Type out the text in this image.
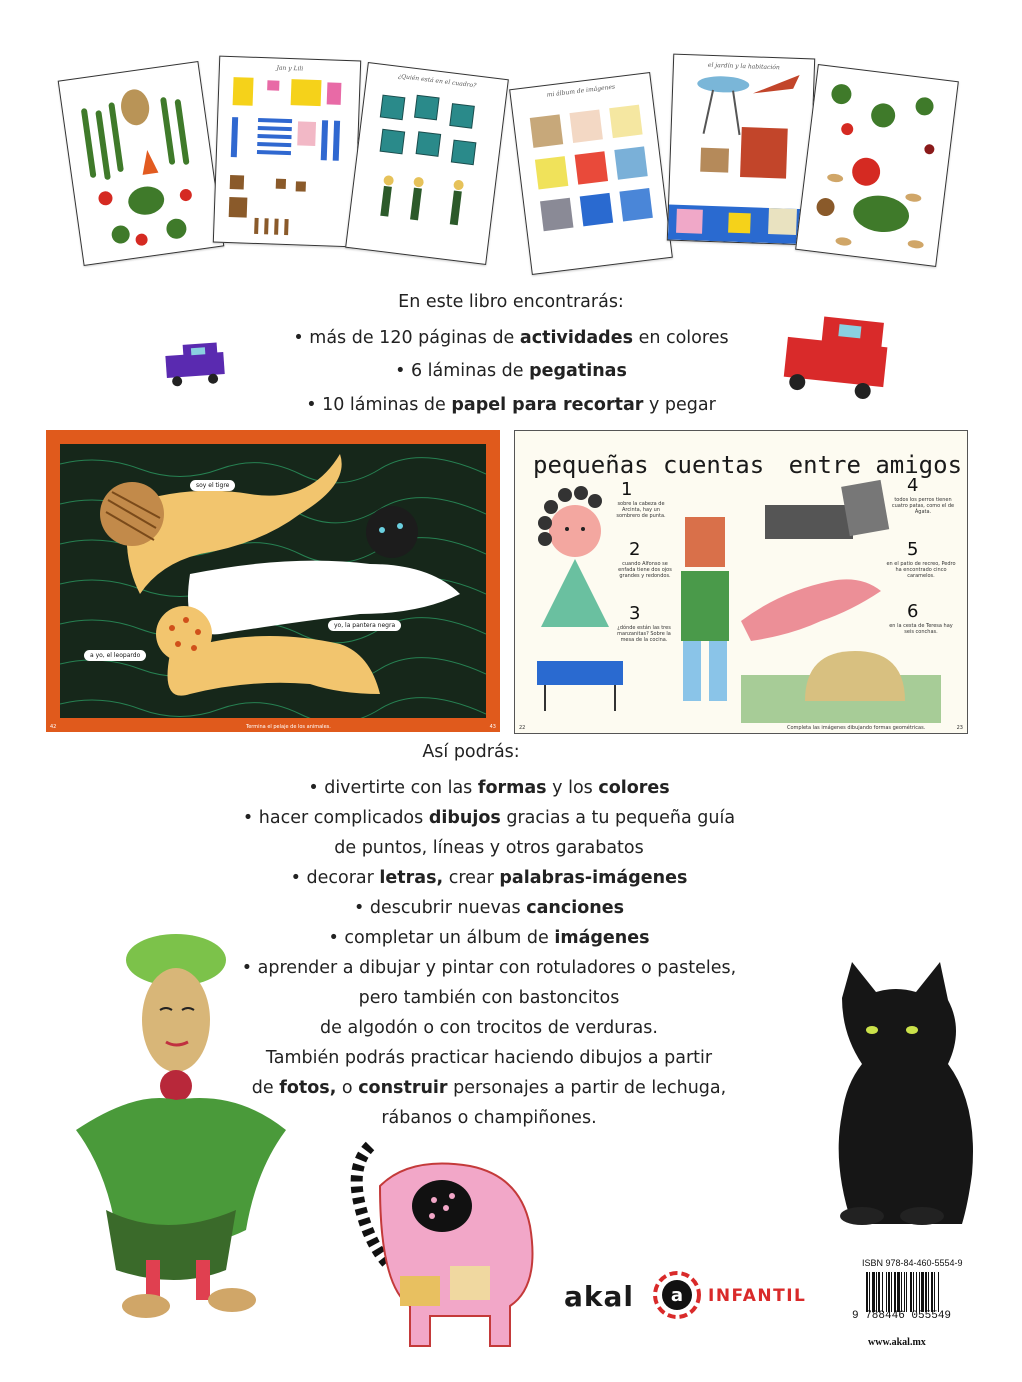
Jan y Lili
¿Quién está en el cuadro?
mi álbum de imágenes
el jardín y la habitación
En este libro encontrarás:
• más de 120 páginas de actividades en colores
• 6 láminas de pegatinas
• 10 láminas de papel para recortar y pegar
soy el tigre
yo, la pantera negra
a yo, el leopardo
Termina el pelaje de los animales.
42	43
pequeñas cuentas entre amigos
1
sobre la cabeza de Arcinta, hay un sombrero de punta.
2
cuando Alfonso se enfada tiene dos ojos grandes y redondos.
3
¿dónde están las tres manzanitas? Sobre la mesa de la cocina.
4
todos los perros tienen cuatro patas, como el de Ágata.
5
en el patio de recreo, Pedro ha encontrado cinco caramelos.
6
en la cesta de Teresa hay seis conchas.
Completa las imágenes dibujando formas geométricas.
22	23
Así podrás:
• divertirte con las formas y los colores
• hacer complicados dibujos gracias a tu pequeña guía
de puntos, líneas y otros garabatos
• decorar letras, crear palabras-imágenes
• descubrir nuevas canciones
• completar un álbum de imágenes
• aprender a dibujar y pintar con rotuladores o pasteles,
pero también con bastoncitos
de algodón o con trocitos de verduras.
También podrás practicar haciendo dibujos a partir
de fotos, o construir personajes a partir de lechuga,
rábanos o champiñones.
akal a INFANTIL
ISBN 978-84-460-5554-9
9 788446 055549
www.akal.mx
